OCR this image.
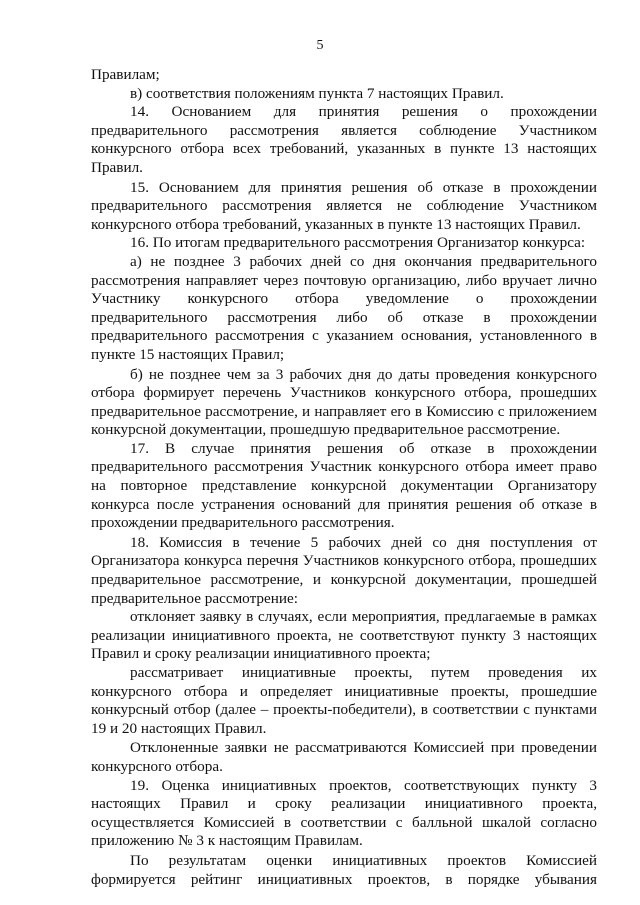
5

Правилам;

в) соответствия положениям пункта 7 настоящих Правил.

14. Основанием для принятия решения о прохождении предварительного рассмотрения является соблюдение Участником конкурсного отбора всех требований, указанных в пункте 13 настоящих Правил.

15. Основанием для принятия решения об отказе в прохождении предварительного рассмотрения является не соблюдение Участником конкурсного отбора требований, указанных в пункте 13 настоящих Правил.

16. По итогам предварительного рассмотрения Организатор конкурса:

а) не позднее 3 рабочих дней со дня окончания предварительного рассмотрения направляет через почтовую организацию, либо вручает лично Участнику конкурсного отбора уведомление о прохождении предварительного рассмотрения либо об отказе в прохождении предварительного рассмотрения с указанием основания, установленного в пункте 15 настоящих Правил;

б) не позднее чем за 3 рабочих дня до даты проведения конкурсного отбора формирует перечень Участников конкурсного отбора, прошедших предварительное рассмотрение, и направляет его в Комиссию с приложением конкурсной документации, прошедшую предварительное рассмотрение.

17. В случае принятия решения об отказе в прохождении предварительного рассмотрения Участник конкурсного отбора имеет право на повторное представление конкурсной документации Организатору конкурса после устранения оснований для принятия решения об отказе в прохождении предварительного рассмотрения.

18. Комиссия в течение 5 рабочих дней со дня поступления от Организатора конкурса перечня Участников конкурсного отбора, прошедших предварительное рассмотрение, и конкурсной документации, прошедшей предварительное рассмотрение:

отклоняет заявку в случаях, если мероприятия, предлагаемые в рамках реализации инициативного проекта, не соответствуют пункту 3 настоящих Правил и сроку реализации инициативного проекта;

рассматривает инициативные проекты, путем проведения их конкурсного отбора и определяет инициативные проекты, прошедшие конкурсный отбор (далее – проекты-победители), в соответствии с пунктами 19 и 20 настоящих Правил.

Отклоненные заявки не рассматриваются Комиссией при проведении конкурсного отбора.

19. Оценка инициативных проектов, соответствующих пункту 3 настоящих Правил и сроку реализации инициативного проекта, осуществляется Комиссией в соответствии с балльной шкалой согласно приложению № 3 к настоящим Правилам.

По результатам оценки инициативных проектов Комиссией формируется рейтинг инициативных проектов, в порядке убывания
